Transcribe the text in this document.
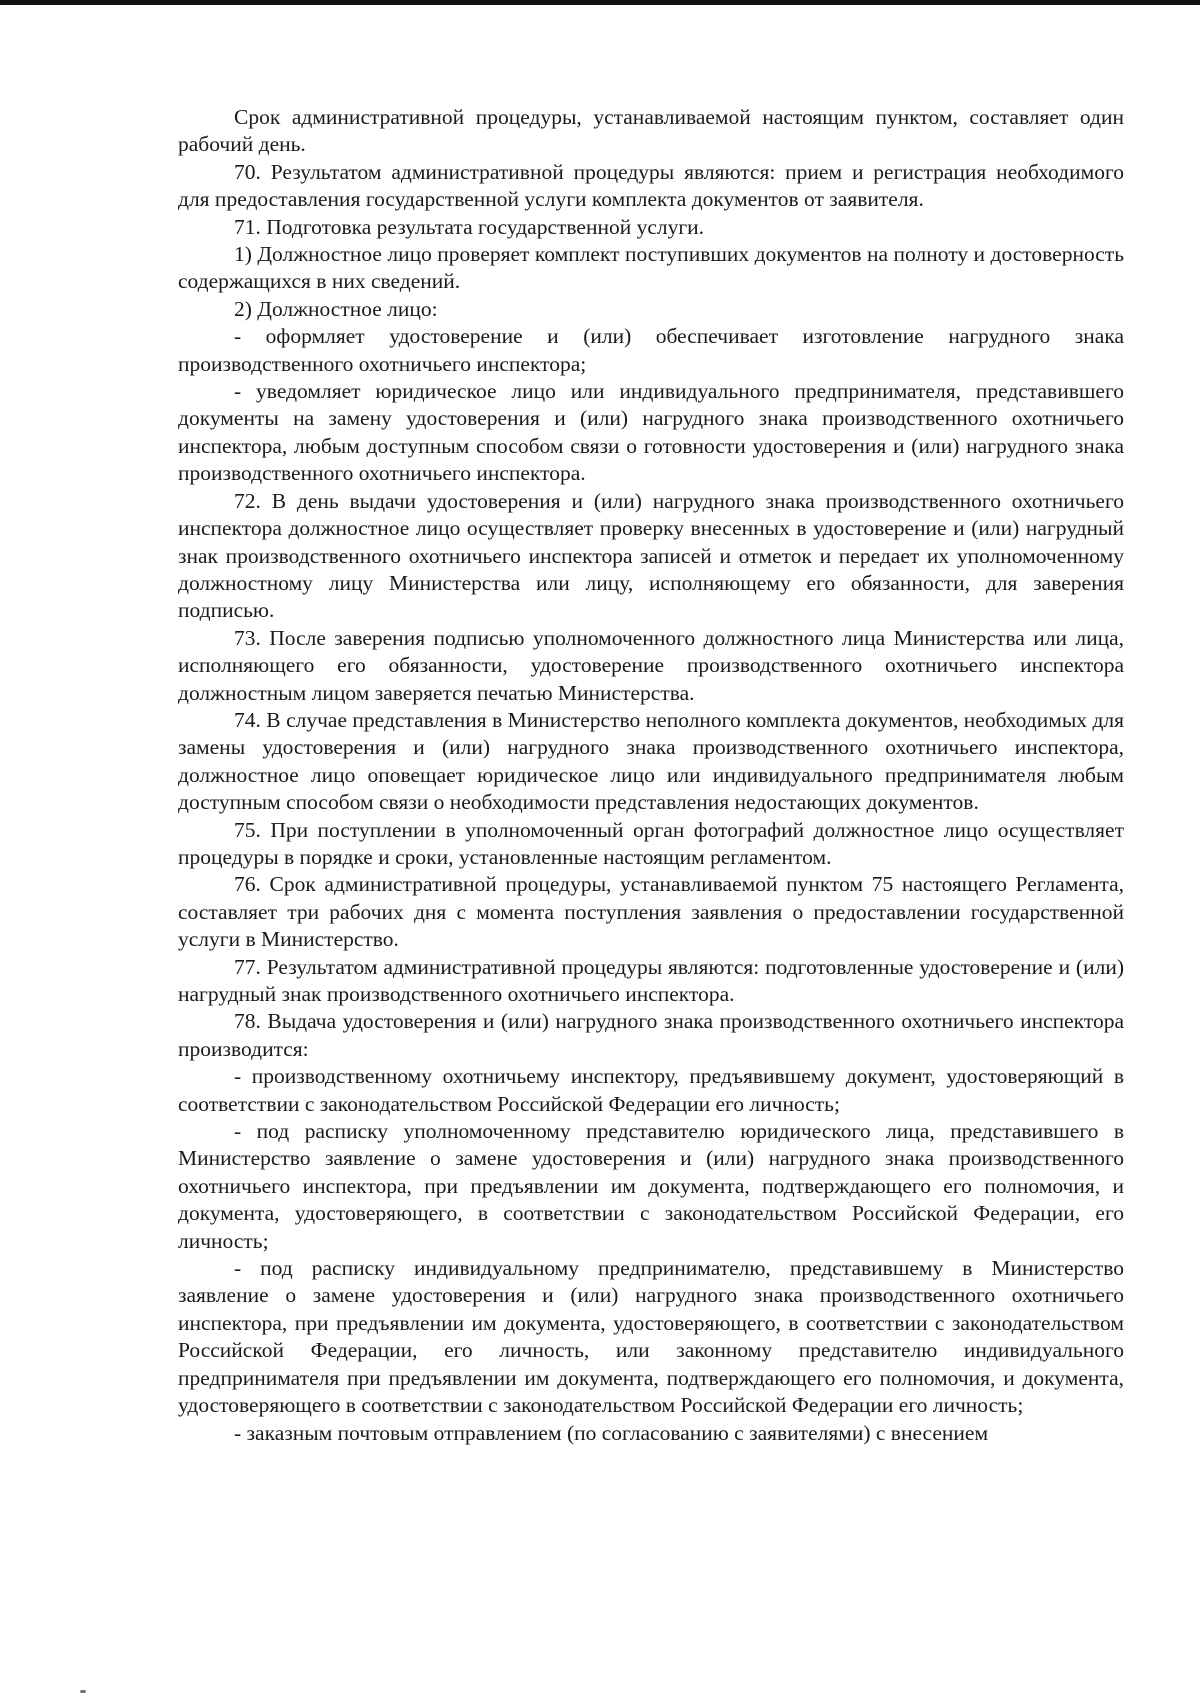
Срок административной процедуры, устанавливаемой настоящим пунктом, составляет один рабочий день.

70. Результатом административной процедуры являются: прием и регистрация необходимого для предоставления государственной услуги комплекта документов от заявителя.

71. Подготовка результата государственной услуги.

1) Должностное лицо проверяет комплект поступивших документов на полноту и достоверность содержащихся в них сведений.

2) Должностное лицо:

- оформляет удостоверение и (или) обеспечивает изготовление нагрудного знака производственного охотничьего инспектора;

- уведомляет юридическое лицо или индивидуального предпринимателя, представившего документы на замену удостоверения и (или) нагрудного знака производственного охотничьего инспектора, любым доступным способом связи о готовности удостоверения и (или) нагрудного знака производственного охотничьего инспектора.

72. В день выдачи удостоверения и (или) нагрудного знака производственного охотничьего инспектора должностное лицо осуществляет проверку внесенных в удостоверение и (или) нагрудный знак производственного охотничьего инспектора записей и отметок и передает их уполномоченному должностному лицу Министерства или лицу, исполняющему его обязанности, для заверения подписью.

73. После заверения подписью уполномоченного должностного лица Министерства или лица, исполняющего его обязанности, удостоверение производственного охотничьего инспектора должностным лицом заверяется печатью Министерства.

74. В случае представления в Министерство неполного комплекта документов, необходимых для замены удостоверения и (или) нагрудного знака производственного охотничьего инспектора, должностное лицо оповещает юридическое лицо или индивидуального предпринимателя любым доступным способом связи о необходимости представления недостающих документов.

75. При поступлении в уполномоченный орган фотографий должностное лицо осуществляет процедуры в порядке и сроки, установленные настоящим регламентом.

76. Срок административной процедуры, устанавливаемой пунктом 75 настоящего Регламента, составляет три рабочих дня с момента поступления заявления о предоставлении государственной услуги в Министерство.

77. Результатом административной процедуры являются: подготовленные удостоверение и (или) нагрудный знак производственного охотничьего инспектора.

78. Выдача удостоверения и (или) нагрудного знака производственного охотничьего инспектора производится:

- производственному охотничьему инспектору, предъявившему документ, удостоверяющий в соответствии с законодательством Российской Федерации его личность;

- под расписку уполномоченному представителю юридического лица, представившего в Министерство заявление о замене удостоверения и (или) нагрудного знака производственного охотничьего инспектора, при предъявлении им документа, подтверждающего его полномочия, и документа, удостоверяющего, в соответствии с законодательством Российской Федерации, его личность;

- под расписку индивидуальному предпринимателю, представившему в Министерство заявление о замене удостоверения и (или) нагрудного знака производственного охотничьего инспектора, при предъявлении им документа, удостоверяющего, в соответствии с законодательством Российской Федерации, его личность, или законному представителю индивидуального предпринимателя при предъявлении им документа, подтверждающего его полномочия, и документа, удостоверяющего в соответствии с законодательством Российской Федерации его личность;

- заказным почтовым отправлением (по согласованию с заявителями) с внесением
